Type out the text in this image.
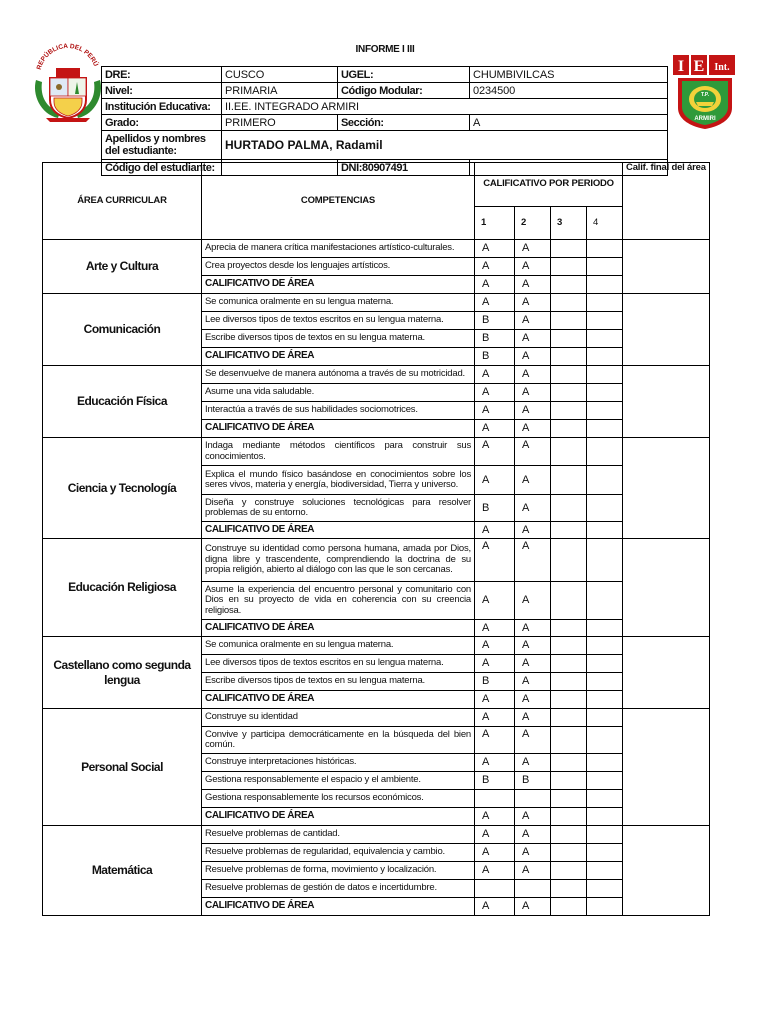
INFORME I III
REPÚBLICA DEL PERÚ	I E Int.
T.P.
ARMIRI
DRE:	CUSCO	UGEL:	CHUMBIVILCAS
Nivel:	PRIMARIA	Código Modular:	0234500
Institución Educativa:	II.EE. INTEGRADO ARMIRI		
Grado:	PRIMERO	Sección:	A
Apellidos y nombres del estudiante:	HURTADO PALMA, Radamil		
Código del estudiante:		DNI:80907491	
ÁREA CURRICULAR	COMPETENCIAS	CALIFICATIVO POR PERIODO				Calif. final del área
		1	2	3	4	
Arte y Cultura	Aprecia de manera crítica manifestaciones artístico-culturales.	A	A			
	Crea proyectos desde los lenguajes artísticos.	A	A			
	CALIFICATIVO DE ÁREA	A	A			
Comunicación	Se comunica oralmente en su lengua materna.	A	A			
	Lee diversos tipos de textos escritos en su lengua materna.	B	A			
	Escribe diversos tipos de textos en su lengua materna.	B	A			
	CALIFICATIVO DE ÁREA	B	A			
Educación Física	Se desenvuelve de manera autónoma a través de su motricidad.	A	A			
	Asume una vida saludable.	A	A			
	Interactúa a través de sus habilidades sociomotrices.	A	A			
	CALIFICATIVO DE ÁREA	A	A			
Ciencia y Tecnología	Indaga mediante métodos científicos para construir sus conocimientos.	A	A			
	Explica el mundo físico basándose en conocimientos sobre los seres vivos, materia y energía, biodiversidad, Tierra y universo.	A	A			
	Diseña y construye soluciones tecnológicas para resolver problemas de su entorno.	B	A			
	CALIFICATIVO DE ÁREA	A	A			
Educación Religiosa	Construye su identidad como persona humana, amada por Dios, digna libre y trascendente, comprendiendo la doctrina de su propia religión, abierto al diálogo con las que le son cercanas.	A	A			
	Asume la experiencia del encuentro personal y comunitario con Dios en su proyecto de vida en coherencia con su creencia religiosa.	A	A			
	CALIFICATIVO DE ÁREA	A	A			
Castellano como segunda lengua	Se comunica oralmente en su lengua materna.	A	A			
	Lee diversos tipos de textos escritos en su lengua materna.	A	A			
	Escribe diversos tipos de textos en su lengua materna.	B	A			
	CALIFICATIVO DE ÁREA	A	A			
Personal Social	Construye su identidad	A	A			
	Convive y participa democráticamente en la búsqueda del bien común.	A	A			
	Construye interpretaciones históricas.	A	A			
	Gestiona responsablemente el espacio y el ambiente.	B	B			
	Gestiona responsablemente los recursos económicos.					
	CALIFICATIVO DE ÁREA	A	A			
Matemática	Resuelve problemas de cantidad.	A	A			
	Resuelve problemas de regularidad, equivalencia y cambio.	A	A			
	Resuelve problemas de forma, movimiento y localización.	A	A			
	Resuelve problemas de gestión de datos e incertidumbre.					
	CALIFICATIVO DE ÁREA	A	A			
